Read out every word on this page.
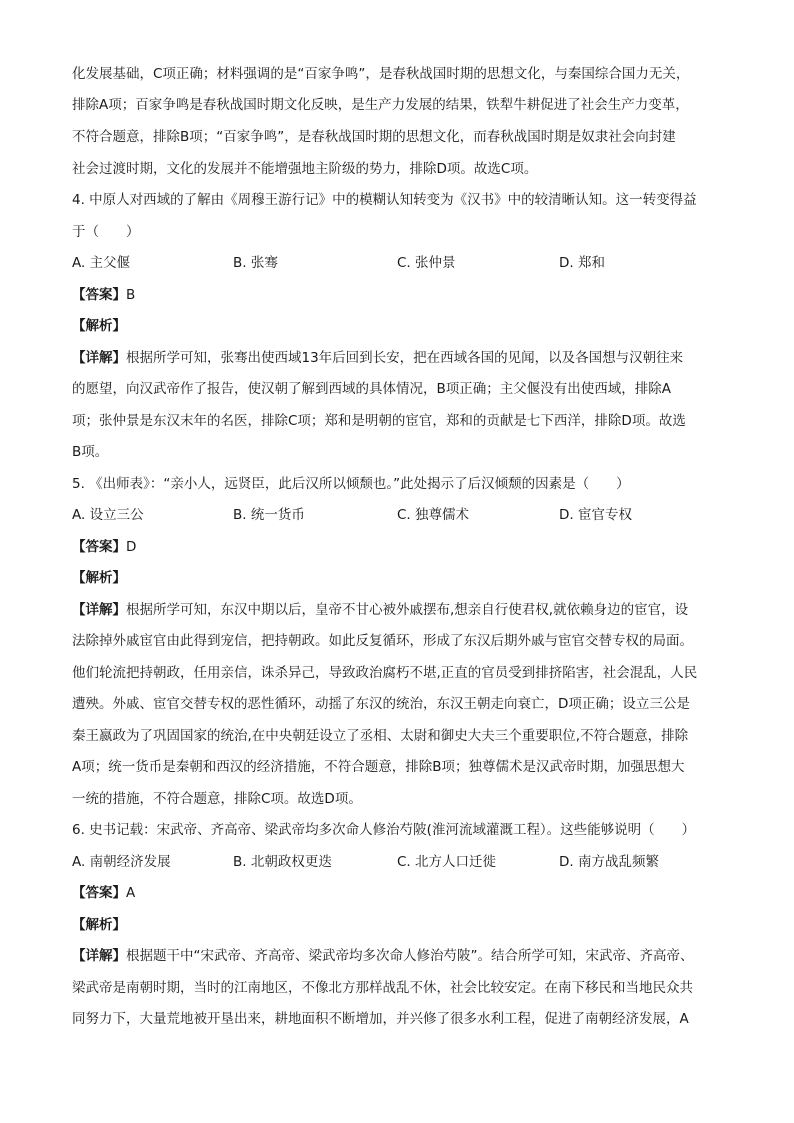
化发展基础，C项正确；材料强调的是“百家争鸣”，是春秋战国时期的思想文化，与秦国综合国力无关，
排除A项；百家争鸣是春秋战国时期文化反映，是生产力发展的结果，铁犁牛耕促进了社会生产力变革，
不符合题意，排除B项；“百家争鸣”，是春秋战国时期的思想文化，而春秋战国时期是奴隶社会向封建
社会过渡时期，文化的发展并不能增强地主阶级的势力，排除D项。故选C项。
4. 中原人对西域的了解由《周穆王游行记》中的模糊认知转变为《汉书》中的较清晰认知。这一转变得益
于（　　）
A. 主父偃	B. 张骞	C. 张仲景	D. 郑和
【答案】B
【解析】
【详解】根据所学可知，张骞出使西域13年后回到长安，把在西域各国的见闻，以及各国想与汉朝往来
的愿望，向汉武帝作了报告，使汉朝了解到西域的具体情况，B项正确；主父偃没有出使西域，排除A
项；张仲景是东汉末年的名医，排除C项；郑和是明朝的宦官，郑和的贡献是七下西洋，排除D项。故选
B项。
5. 《出师表》：“亲小人，远贤臣，此后汉所以倾颓也。”此处揭示了后汉倾颓的因素是（　　）
A. 设立三公	B. 统一货币	C. 独尊儒术	D. 宦官专权
【答案】D
【解析】
【详解】根据所学可知，东汉中期以后，皇帝不甘心被外戚摆布,想亲自行使君权,就依赖身边的宦官，设
法除掉外戚宦官由此得到宠信，把持朝政。如此反复循环，形成了东汉后期外戚与宦官交替专权的局面。
他们轮流把持朝政，任用亲信，诛杀异己，导致政治腐朽不堪,正直的官员受到排挤陷害，社会混乱，人民
遭殃。外戚、宦官交替专权的恶性循环，动摇了东汉的统治，东汉王朝走向衰亡，D项正确；设立三公是
秦王嬴政为了巩固国家的统治,在中央朝廷设立了丞相、太尉和御史大夫三个重要职位,不符合题意，排除
A项；统一货币是秦朝和西汉的经济措施，不符合题意，排除B项；独尊儒术是汉武帝时期，加强思想大
一统的措施，不符合题意，排除C项。故选D项。
6. 史书记载：宋武帝、齐高帝、梁武帝均多次命人修治芍陂(淮河流域灌溉工程）。这些能够说明（　　）
A. 南朝经济发展	B. 北朝政权更迭	C. 北方人口迁徙	D. 南方战乱频繁
【答案】A
【解析】
【详解】根据题干中“宋武帝、齐高帝、梁武帝均多次命人修治芍陂”。结合所学可知，宋武帝、齐高帝、
梁武帝是南朝时期，当时的江南地区，不像北方那样战乱不休，社会比较安定。在南下移民和当地民众共
同努力下，大量荒地被开垦出来，耕地面积不断增加，并兴修了很多水利工程，促进了南朝经济发展，A
